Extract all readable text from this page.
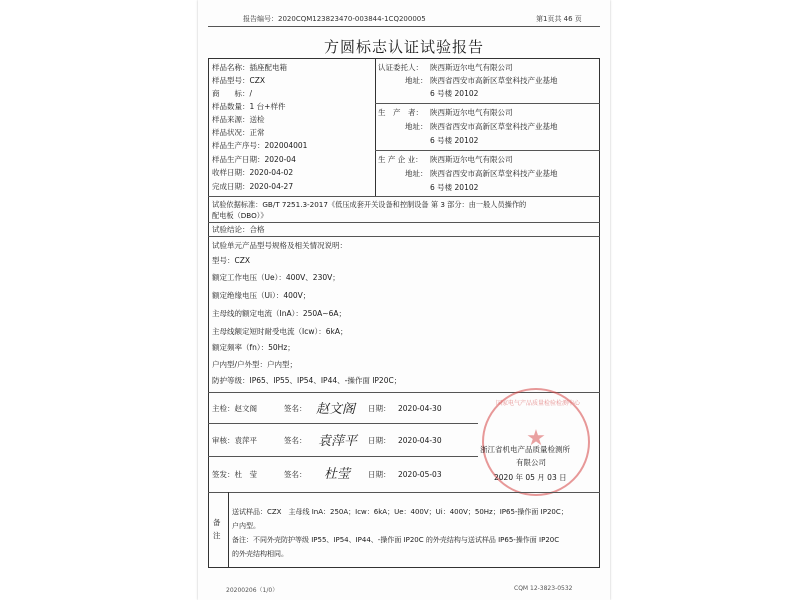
报告编号：2020CQM123823470-003844-1CQ200005	第1页共 46 页
方圆标志认证试验报告
样品名称：插座配电箱
样品型号：CZX
商　　标：/
样品数量：1 台+样件
样品来源：送检
样品状况：正常
样品生产序号：202004001
样品生产日期：2020-04
收样日期：2020-04-02
完成日期：2020-04-27
认证委托人： 陕西斯迈尔电气有限公司
地址： 陕西省西安市高新区草堂科技产业基地
6 号楼 20102
生　产　者： 陕西斯迈尔电气有限公司
地址： 陕西省西安市高新区草堂科技产业基地
6 号楼 20102
生 产 企 业： 陕西斯迈尔电气有限公司
地址： 陕西省西安市高新区草堂科技产业基地
6 号楼 20102
试验依据标准：GB/T 7251.3-2017《低压成套开关设备和控制设备 第 3 部分：由一般人员操作的
配电板（DBO）》
试验结论：合格
试验单元产品型号规格及相关情况说明：
型号：CZX
额定工作电压（Ue）：400V、230V；
额定绝缘电压（Ui）：400V；
主母线的额定电流（InA）：250A~6A；
主母线额定短时耐受电流（Icw）：6kA；
额定频率（fn）：50Hz；
户内型/户外型：户内型；
防护等级：IP65、IP55、IP54、IP44、-操作面 IP20C；
主检：赵文阁	签名： 赵文阁 日期： 2020-04-30
审核：袁萍平	签名： 袁萍平 日期： 2020-04-30
签发：杜　莹	签名： 杜莹 日期： 2020-05-03
国家电气产品质量检验检测中心
★
浙江省机电产品质量检测所
有限公司
2020 年 05 月 03 日
备
注
送试样品：CZX　主母线 InA：250A；Icw：6kA；Ue：400V；Ui：400V；50Hz；IP65-操作面 IP20C；
户内型。
备注：不同外壳防护等级 IP55、IP54、IP44、-操作面 IP20C 的外壳结构与送试样品 IP65-操作面 IP20C
的外壳结构相同。
20200206（1/0）	CQM 12-3823-0532
